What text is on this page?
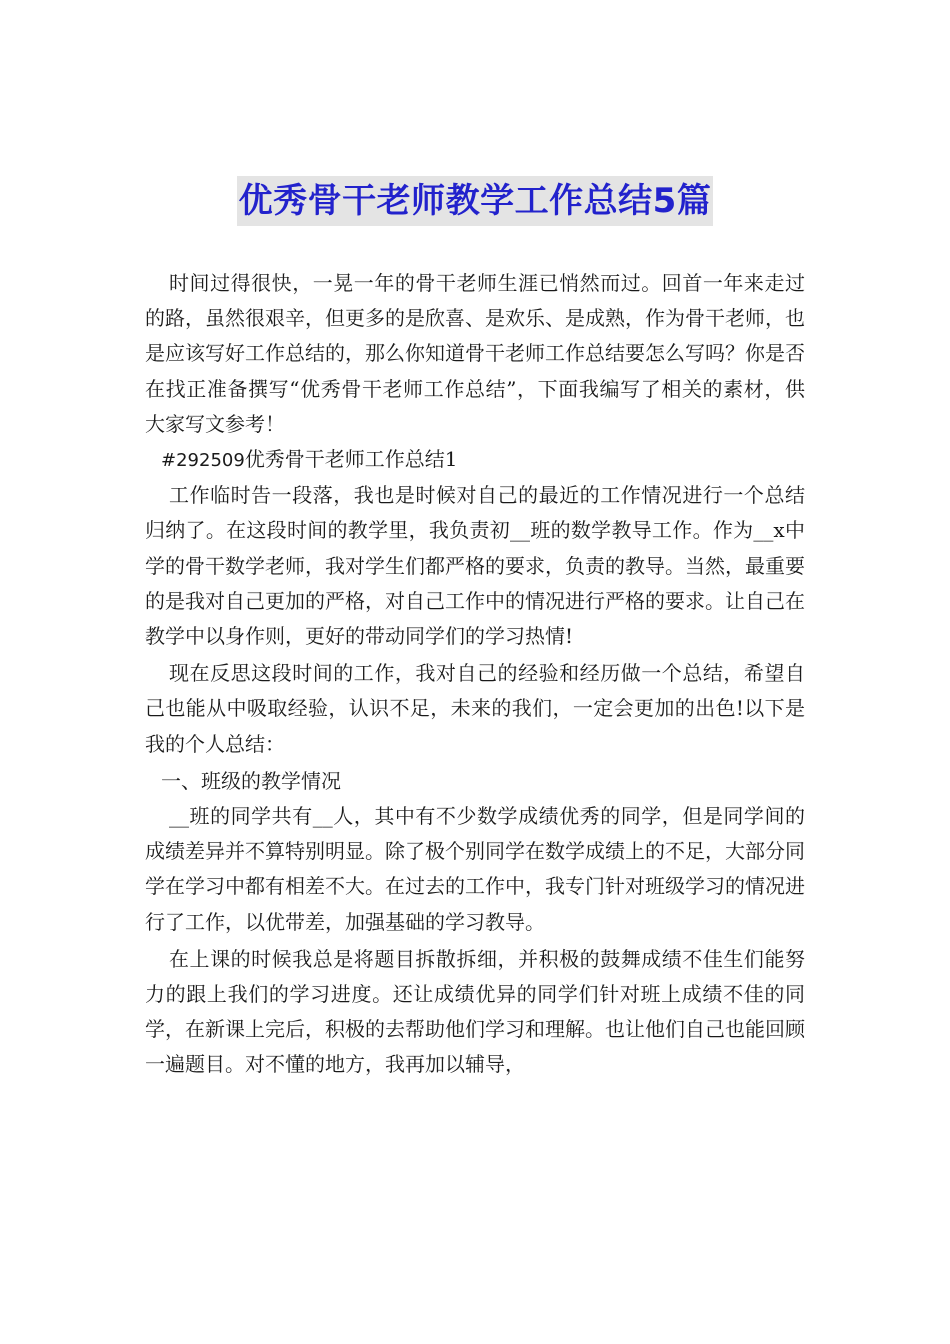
优秀骨干老师教学工作总结5篇

时间过得很快，一晃一年的骨干老师生涯已悄然而过。回首一年来走过的路，虽然很艰辛，但更多的是欣喜、是欢乐、是成熟，作为骨干老师，也是应该写好工作总结的，那么你知道骨干老师工作总结要怎么写吗？你是否在找正准备撰写“优秀骨干老师工作总结”，下面我编写了相关的素材，供大家写文参考！

#292509优秀骨干老师工作总结1

工作临时告一段落，我也是时候对自己的最近的工作情况进行一个总结归纳了。在这段时间的教学里，我负责初__班的数学教导工作。作为__x中学的骨干数学老师，我对学生们都严格的要求，负责的教导。当然，最重要的是我对自己更加的严格，对自己工作中的情况进行严格的要求。让自己在教学中以身作则，更好的带动同学们的学习热情!

现在反思这段时间的工作，我对自己的经验和经历做一个总结，希望自己也能从中吸取经验，认识不足，未来的我们，一定会更加的出色!以下是我的个人总结：

一、班级的教学情况

__班的同学共有__人，其中有不少数学成绩优秀的同学，但是同学间的成绩差异并不算特别明显。除了极个别同学在数学成绩上的不足，大部分同学在学习中都有相差不大。在过去的工作中，我专门针对班级学习的情况进行了工作，以优带差，加强基础的学习教导。

在上课的时候我总是将题目拆散拆细，并积极的鼓舞成绩不佳生们能努力的跟上我们的学习进度。还让成绩优异的同学们针对班上成绩不佳的同学，在新课上完后，积极的去帮助他们学习和理解。也让他们自己也能回顾一遍题目。对不懂的地方，我再加以辅导，
